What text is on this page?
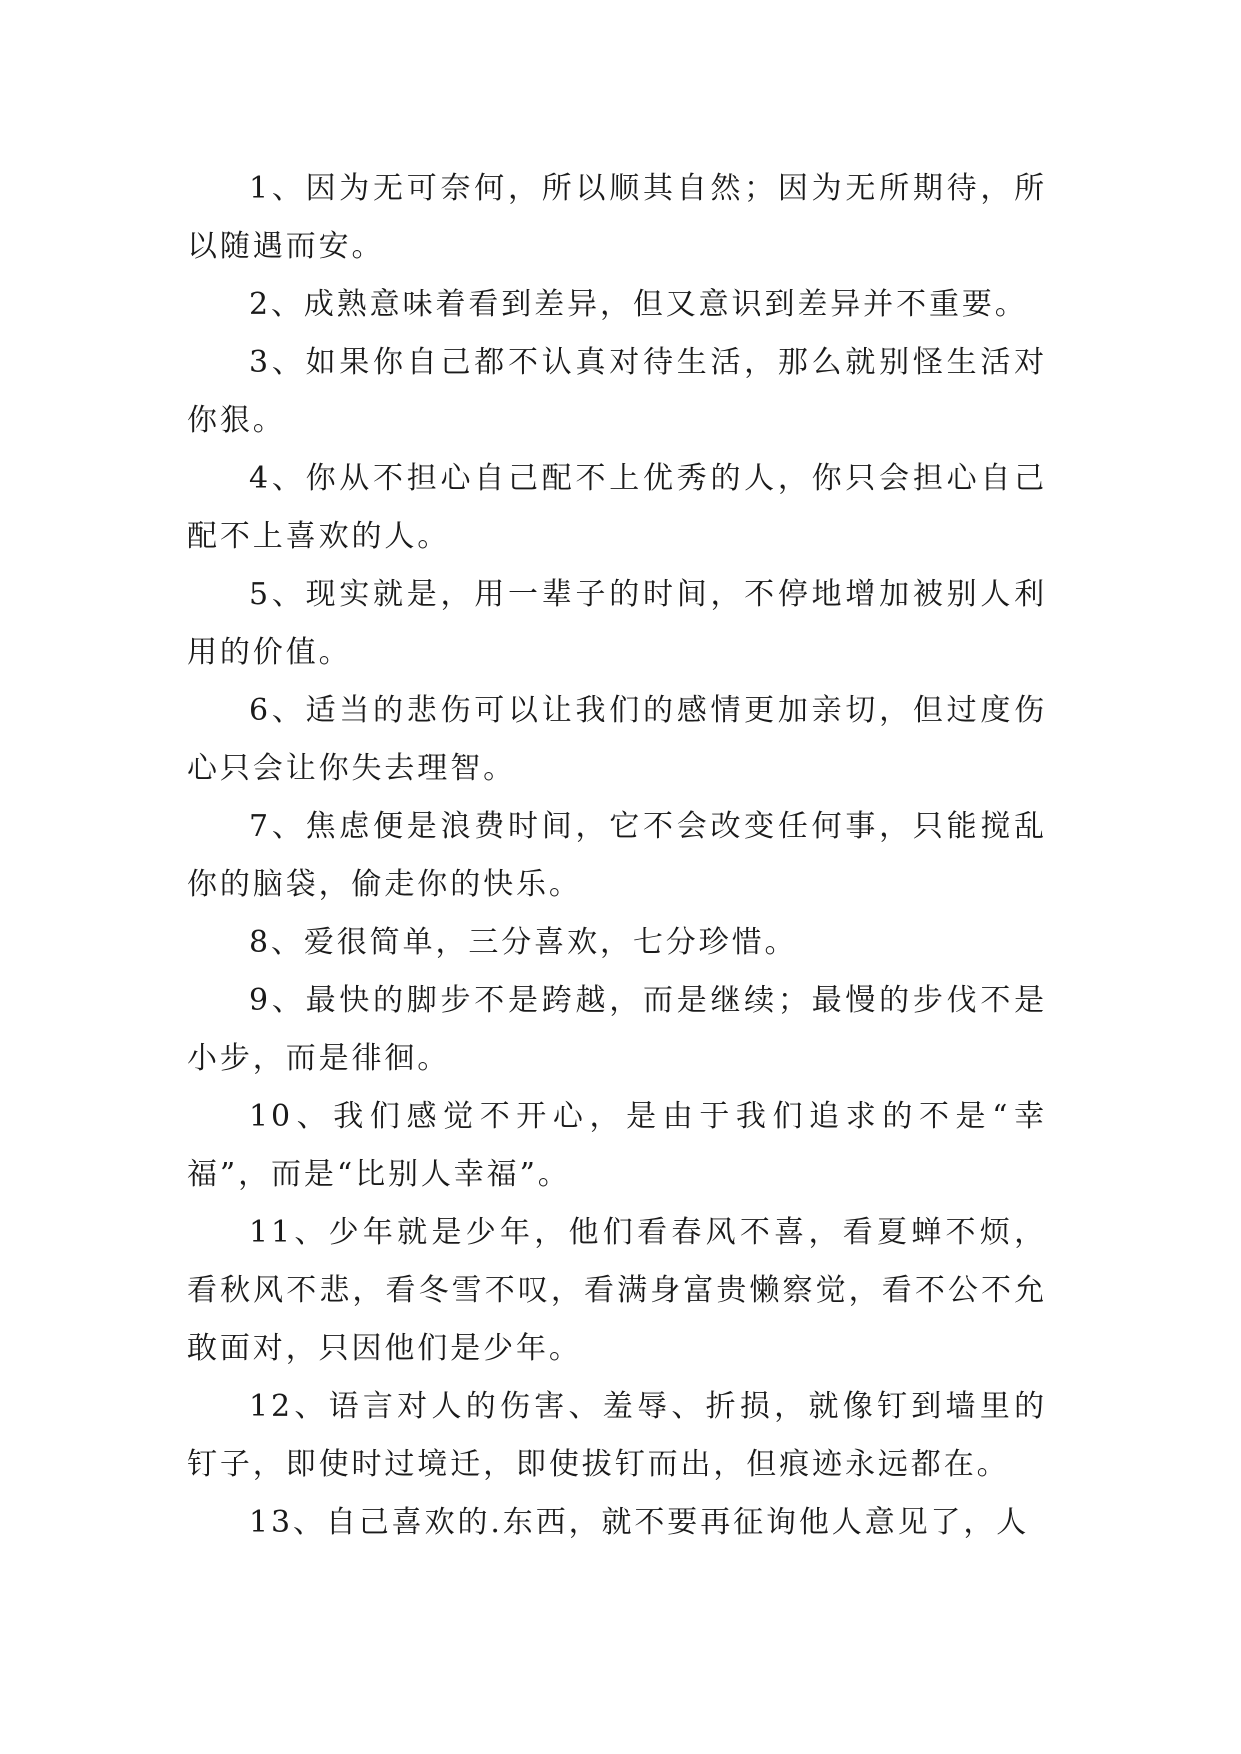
1、因为无可奈何，所以顺其自然；因为无所期待，所以随遇而安。

2、成熟意味着看到差异，但又意识到差异并不重要。

3、如果你自己都不认真对待生活，那么就别怪生活对你狠。

4、你从不担心自己配不上优秀的人，你只会担心自己配不上喜欢的人。

5、现实就是，用一辈子的时间，不停地增加被别人利用的价值。

6、适当的悲伤可以让我们的感情更加亲切，但过度伤心只会让你失去理智。

7、焦虑便是浪费时间，它不会改变任何事，只能搅乱你的脑袋，偷走你的快乐。

8、爱很简单，三分喜欢，七分珍惜。

9、最快的脚步不是跨越，而是继续；最慢的步伐不是小步，而是徘徊。

10、我们感觉不开心，是由于我们追求的不是“幸福”，而是“比别人幸福”。

11、少年就是少年，他们看春风不喜，看夏蝉不烦，看秋风不悲，看冬雪不叹，看满身富贵懒察觉，看不公不允敢面对，只因他们是少年。

12、语言对人的伤害、羞辱、折损，就像钉到墙里的钉子，即使时过境迁，即使拔钉而出，但痕迹永远都在。

13、自己喜欢的.东西，就不要再征询他人意见了，人
